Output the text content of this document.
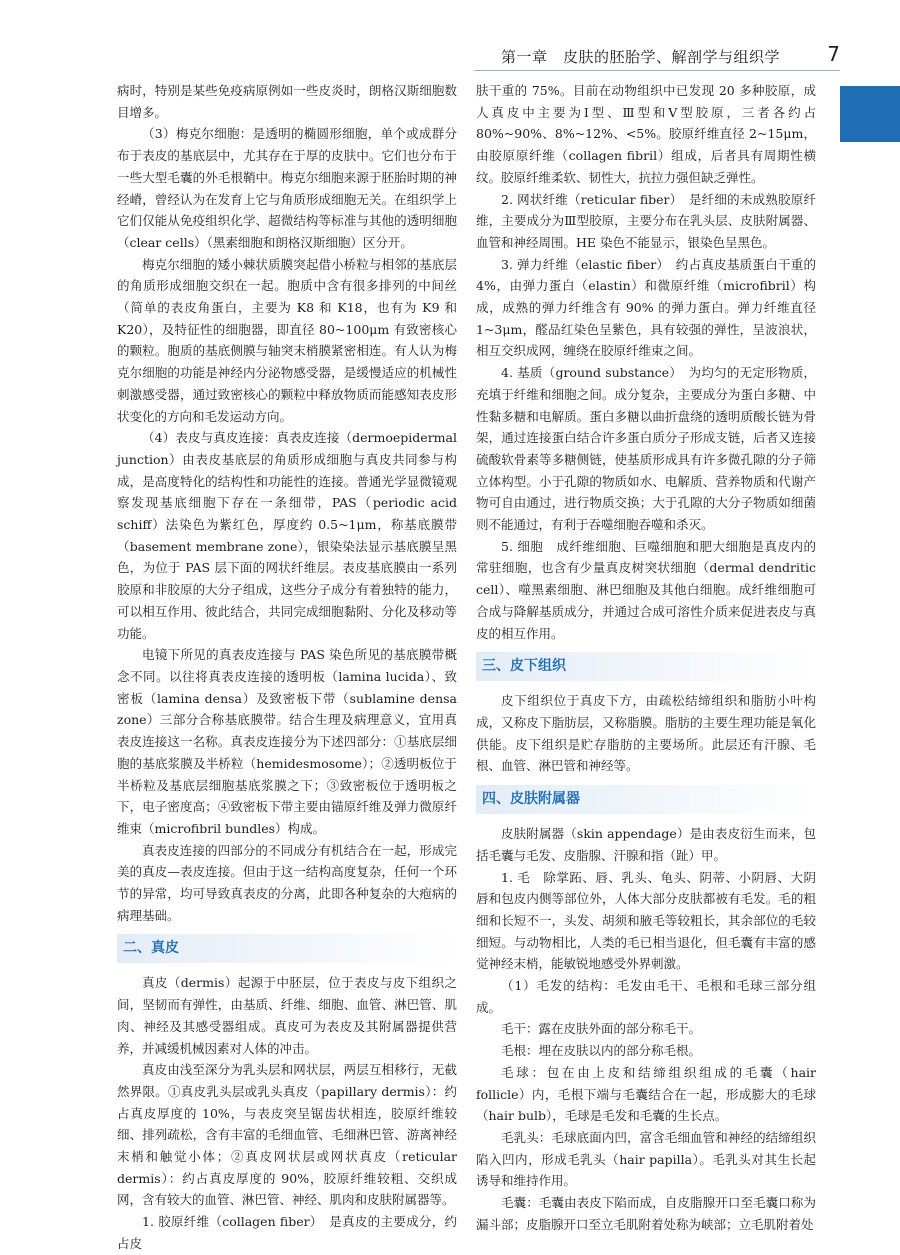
第一章　皮肤的胚胎学、解剖学与组织学 7

病时，特别是某些免疫病原例如一些皮炎时，朗格汉斯细胞数目增多。

（3）梅克尔细胞：是透明的椭圆形细胞，单个或成群分布于表皮的基底层中，尤其存在于厚的皮肤中。它们也分布于一些大型毛囊的外毛根鞘中。梅克尔细胞来源于胚胎时期的神经嵴，曾经认为在发育上它与角质形成细胞无关。在组织学上它们仅能从免疫组织化学、超微结构等标准与其他的透明细胞（clear cells）（黑素细胞和朗格汉斯细胞）区分开。

梅克尔细胞的矮小棘状质膜突起借小桥粒与相邻的基底层的角质形成细胞交织在一起。胞质中含有很多排列的中间丝（简单的表皮角蛋白，主要为 K8 和 K18，也有为 K9 和 K20），及特征性的细胞器，即直径 80~100μm 有致密核心的颗粒。胞质的基底侧膜与轴突末梢膜紧密相连。有人认为梅克尔细胞的功能是神经内分泌物感受器，是缓慢适应的机械性刺激感受器，通过致密核心的颗粒中释放物质而能感知表皮形状变化的方向和毛发运动方向。

（4）表皮与真皮连接：真表皮连接（dermoepidermal junction）由表皮基底层的角质形成细胞与真皮共同参与构成，是高度特化的结构性和功能性的连接。普通光学显微镜观察发现基底细胞下存在一条细带，PAS（periodic acid schiff）法染色为紫红色，厚度约 0.5~1μm，称基底膜带（basement membrane zone），银染染法显示基底膜呈黑色，为位于 PAS 层下面的网状纤维层。表皮基底膜由一系列胶原和非胶原的大分子组成，这些分子成分有着独特的能力，可以相互作用、彼此结合，共同完成细胞黏附、分化及移动等功能。

电镜下所见的真表皮连接与 PAS 染色所见的基底膜带概念不同。以往将真表皮连接的透明板（lamina lucida）、致密板（lamina densa）及致密板下带（sublamine densa zone）三部分合称基底膜带。结合生理及病理意义，宜用真表皮连接这一名称。真表皮连接分为下述四部分：①基底层细胞的基底浆膜及半桥粒（hemidesmosome）；②透明板位于半桥粒及基底层细胞基底浆膜之下；③致密板位于透明板之下，电子密度高；④致密板下带主要由锚原纤维及弹力微原纤维束（microfibril bundles）构成。

真表皮连接的四部分的不同成分有机结合在一起，形成完美的真皮—表皮连接。但由于这一结构高度复杂，任何一个环节的异常，均可导致真表皮的分离，此即各种复杂的大疱病的病理基础。

二、真皮

真皮（dermis）起源于中胚层，位于表皮与皮下组织之间，坚韧而有弹性，由基质、纤维、细胞、血管、淋巴管、肌肉、神经及其感受器组成。真皮可为表皮及其附属器提供营养，并减缓机械因素对人体的冲击。

真皮由浅至深分为乳头层和网状层，两层互相移行，无截然界限。①真皮乳头层或乳头真皮（papillary dermis）：约占真皮厚度的 10%，与表皮突呈锯齿状相连，胶原纤维较细、排列疏松，含有丰富的毛细血管、毛细淋巴管、游离神经末梢和触觉小体；②真皮网状层或网状真皮（reticular dermis）：约占真皮厚度的 90%，胶原纤维较粗、交织成网，含有较大的血管、淋巴管、神经、肌肉和皮肤附属器等。

1. 胶原纤维（collagen fiber）　是真皮的主要成分，约占皮

肤干重的 75%。目前在动物组织中已发现 20 多种胶原，成人真皮中主要为Ⅰ型、Ⅲ型和Ⅴ型胶原，三者各约占 80%~90%、8%~12%、<5%。胶原纤维直径 2~15μm，由胶原原纤维（collagen fibril）组成，后者具有周期性横纹。胶原纤维柔软、韧性大，抗拉力强但缺乏弹性。

2. 网状纤维（reticular fiber）　是纤细的未成熟胶原纤维，主要成分为Ⅲ型胶原，主要分布在乳头层、皮肤附属器、血管和神经周围。HE 染色不能显示，银染色呈黑色。

3. 弹力纤维（elastic fiber）　约占真皮基质蛋白干重的 4%，由弹力蛋白（elastin）和微原纤维（microfibril）构成，成熟的弹力纤维含有 90% 的弹力蛋白。弹力纤维直径 1~3μm，醛品红染色呈紫色，具有较强的弹性，呈波浪状，相互交织成网，缠绕在胶原纤维束之间。

4. 基质（ground substance）　为均匀的无定形物质，充填于纤维和细胞之间。成分复杂，主要成分为蛋白多糖、中性黏多糖和电解质。蛋白多糖以曲折盘绕的透明质酸长链为骨架，通过连接蛋白结合许多蛋白质分子形成支链，后者又连接硫酸软骨素等多糖侧链，使基质形成具有许多微孔隙的分子筛立体构型。小于孔隙的物质如水、电解质、营养物质和代谢产物可自由通过，进行物质交换；大于孔隙的大分子物质如细菌则不能通过，有利于吞噬细胞吞噬和杀灭。

5. 细胞　成纤维细胞、巨噬细胞和肥大细胞是真皮内的常驻细胞，也含有少量真皮树突状细胞（dermal dendritic cell）、噬黑素细胞、淋巴细胞及其他白细胞。成纤维细胞可合成与降解基质成分，并通过合成可溶性介质来促进表皮与真皮的相互作用。

三、皮下组织

皮下组织位于真皮下方，由疏松结缔组织和脂肪小叶构成，又称皮下脂肪层，又称脂膜。脂肪的主要生理功能是氧化供能。皮下组织是贮存脂肪的主要场所。此层还有汗腺、毛根、血管、淋巴管和神经等。

四、皮肤附属器

皮肤附属器（skin appendage）是由表皮衍生而来，包括毛囊与毛发、皮脂腺、汗腺和指（趾）甲。

1. 毛　除掌跖、唇、乳头、龟头、阴蒂、小阴唇、大阴唇和包皮内侧等部位外，人体大部分皮肤都被有毛发。毛的粗细和长短不一，头发、胡须和腋毛等较粗长，其余部位的毛较细短。与动物相比，人类的毛已相当退化，但毛囊有丰富的感觉神经末梢，能敏锐地感受外界刺激。

（1）毛发的结构：毛发由毛干、毛根和毛球三部分组成。

毛干：露在皮肤外面的部分称毛干。

毛根：埋在皮肤以内的部分称毛根。

毛球：包在由上皮和结缔组织组成的毛囊（hair follicle）内，毛根下端与毛囊结合在一起，形成膨大的毛球（hair bulb），毛球是毛发和毛囊的生长点。

毛乳头：毛球底面内凹，富含毛细血管和神经的结缔组织陷入凹内，形成毛乳头（hair papilla）。毛乳头对其生长起诱导和维持作用。

毛囊：毛囊由表皮下陷而成，自皮脂腺开口至毛囊口称为漏斗部；皮脂腺开口至立毛肌附着处称为峡部；立毛肌附着处
